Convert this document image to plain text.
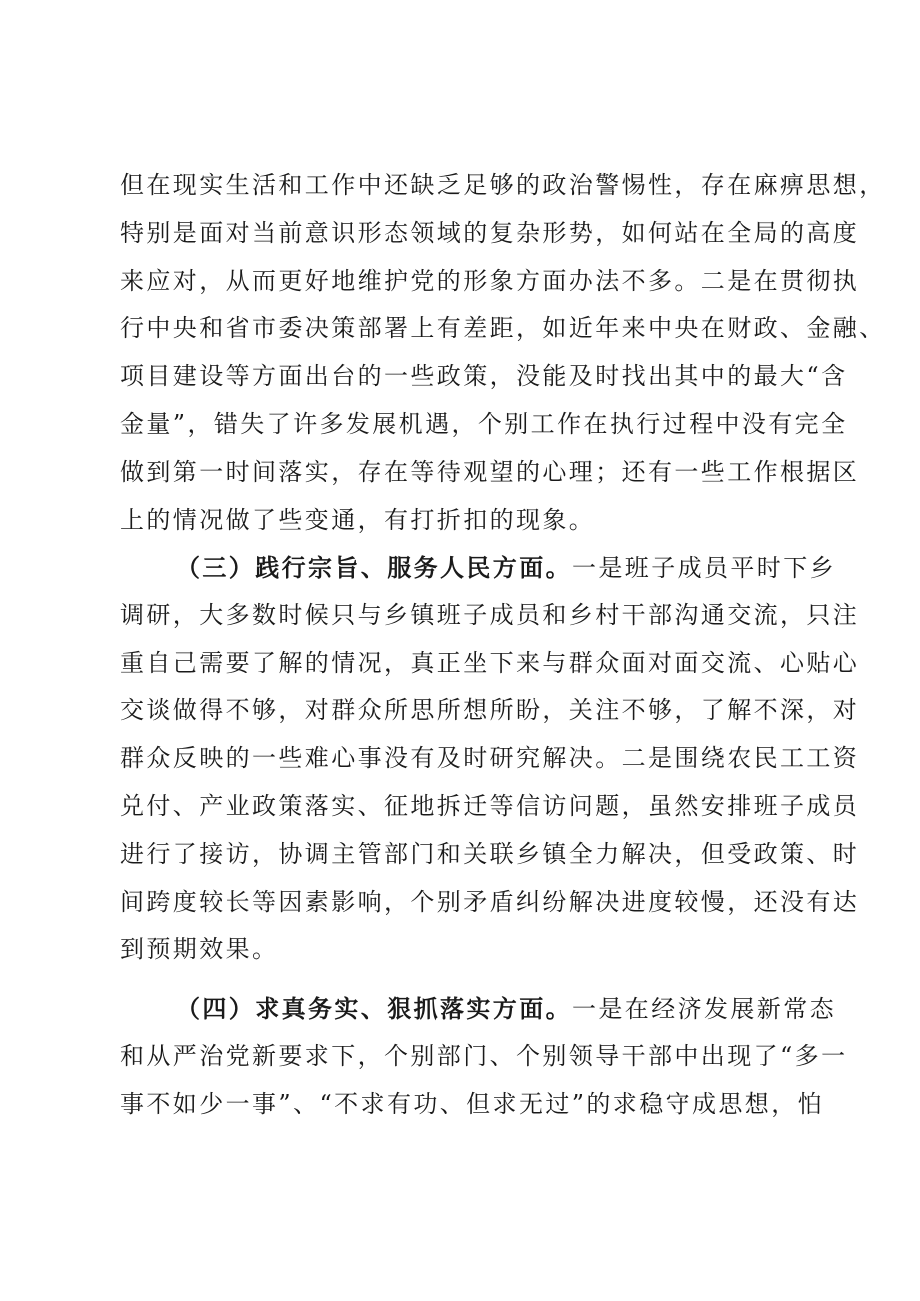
但在现实生活和工作中还缺乏足够的政治警惕性，存在麻痹思想，
特别是面对当前意识形态领域的复杂形势，如何站在全局的高度
来应对，从而更好地维护党的形象方面办法不多。二是在贯彻执
行中央和省市委决策部署上有差距，如近年来中央在财政、金融、
项目建设等方面出台的一些政策，没能及时找出其中的最大“含
金量”，错失了许多发展机遇，个别工作在执行过程中没有完全
做到第一时间落实，存在等待观望的心理；还有一些工作根据区
上的情况做了些变通，有打折扣的现象。
（三）践行宗旨、服务人民方面。一是班子成员平时下乡
调研，大多数时候只与乡镇班子成员和乡村干部沟通交流，只注
重自己需要了解的情况，真正坐下来与群众面对面交流、心贴心
交谈做得不够，对群众所思所想所盼，关注不够，了解不深，对
群众反映的一些难心事没有及时研究解决。二是围绕农民工工资
兑付、产业政策落实、征地拆迁等信访问题，虽然安排班子成员
进行了接访，协调主管部门和关联乡镇全力解决，但受政策、时
间跨度较长等因素影响，个别矛盾纠纷解决进度较慢，还没有达
到预期效果。
（四）求真务实、狠抓落实方面。一是在经济发展新常态
和从严治党新要求下，个别部门、个别领导干部中出现了“多一
事不如少一事”、“不求有功、但求无过”的求稳守成思想，怕
